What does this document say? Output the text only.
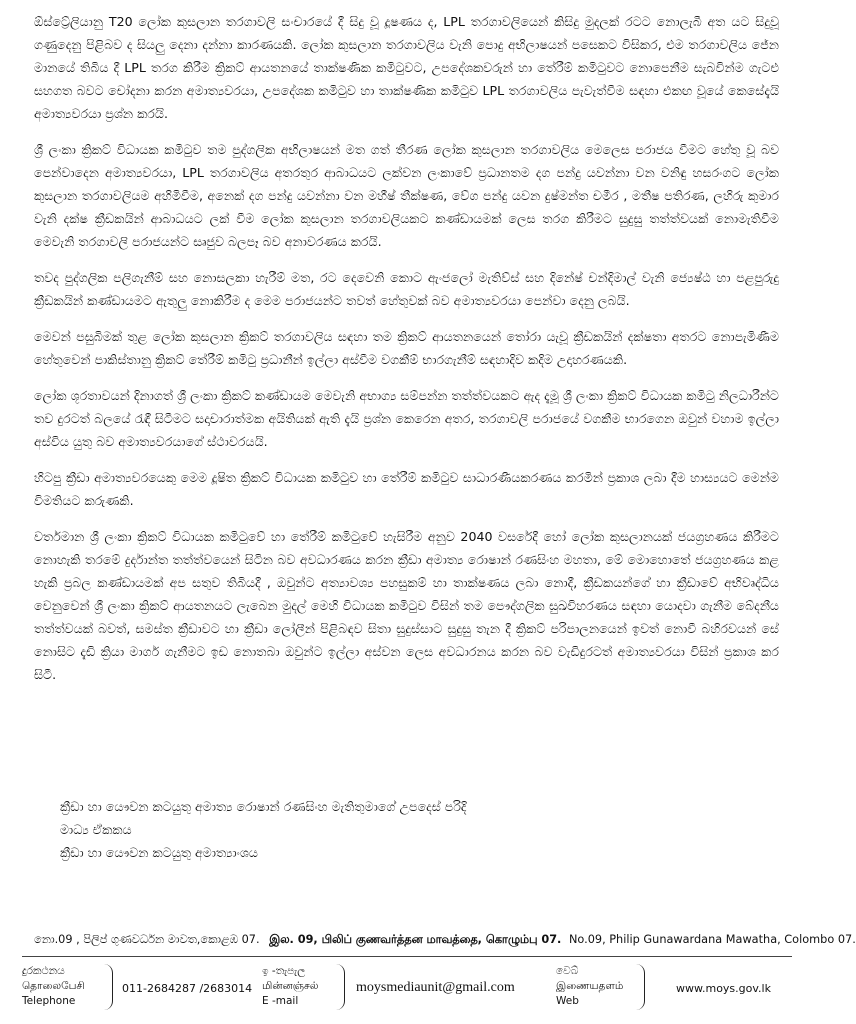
ඕස්ට්‍රේලියානු T20 ලෝක කුසලාන තරගාවලි සංචාරයේ දී සිදු වූ දූෂණය ද, LPL තරගාවලියෙන් කිසිදු මුදලක් රටට නොලැබී අත යට සිදුවූ ගණුදෙනු පිළිබව ද සියලු දෙනා දන්නා කාරණයකි. ලෝක කුසලාන තරගාවලිය වැනි පොදු අභිලාෂයන් පසෙකට විසිකර, එම තරගාවලිය ජේන මානයේ තිබිය දී LPL තරග කිරීම ක්‍රිකට් ආයතනයේ තාක්ෂණික කමිටුවට, උපදේශකවරුන් හා තේරීම් කමිටුවට නොපෙනීම සැබවින්ම ගැටළු සහගත බවට චෝදනා කරන අමාත්‍යවරයා, උපදේශක කමිටුව හා තාක්ෂණික කමිටුව LPL තරගාවලිය පැවැත්වීම සඳහා එකඟ වූයේ කෙසේදැයි අමාත්‍යවරයා ප්‍රශ්න කරයි.

ශ්‍රී ලංකා ක්‍රිකට් විධායක කමිටුව තම පුද්ගලික අභිලාෂයන් මත ගත් තීරණ ලෝක කුසලාන තරගාවලිය මෙලෙස පරාජය වීමට හේතු වූ බව පෙන්වාදෙන අමාත්‍යවරයා, LPL තරගාවලිය අතරතුර ආබාධයට ලක්වන ලංකාවේ ප්‍රධානතම දග පන්දු යවන්නා වන වනිඳු හසරංගට ලෝක කුසලාන තරගාවලියම අහිමිවීම, අනෙක් දග පන්දු යවන්නා වන මහීෂ් තීක්ෂණ, වේග පන්දු යවන දුෂ්මන්ත චමීර , මතීෂ පතිරණ, ලහිරු කුමාර වැනි දක්ෂ ක්‍රීඩකයින් ආබාධයට ලක් වීම ලෝක කුසලාන තරගාවලියකට කණ්ඩායමක් ලෙස තරග කිරීමට සුදුසු තත්ත්වයක් නොමැතිවීම මෙවැනි තරගාවලි පරාජයන්ට සෘජුව බලපෑ බව අනාවරණය කරයි.

තවද පුද්ගලික පලිගැනීම් සහ නොසලකා හැරීම් මත, රට දෙවෙනි කොට ඇංජලෝ මැතිව්ස් සහ දිනේෂ් චන්දිමාල් වැනි ජ්‍යෙෂ්ඨ හා පළපුරුදු ක්‍රීඩකයින් කණ්ඩායමට ඇතුලු නොකිරීම ද මෙම පරාජයන්ට තවත් හේතුවක් බව අමාත්‍යවරයා පෙන්වා දෙනු ලබයි.

මෙවන් පසුබිමක් තුළ ලෝක කුසලාන ක්‍රිකට් තරගාවලිය සඳහා තම ක්‍රිකට් ආයතනයෙන් තෝරා යැවූ ක්‍රීඩකයින් දක්ෂතා අතරට නොපැමිණීම හේතුවෙන් පාකිස්තානු ක්‍රිකට් තේරීම් කමිටු ප්‍රධානීන් ඉල්ලා අස්වීම වගකීම් භාරගැනීම් සඳහාදිව කදිම උදාහරණයකි.

ලෝක ශූරතාවයන් දිනාගත් ශ්‍රී ලංකා ක්‍රිකට් කණ්ඩායම මෙවැනි අභාග්‍ය සම්පන්න තත්ත්වයකට ඇද දැමූ ශ්‍රී ලංකා ක්‍රිකට් විධායක කමිටු නිලධාරීන්ට තව දුරටත් බලයේ රැඳී සිටීමට සදාචාරාත්මක අයිතියක් ඇති දැයි ප්‍රශ්න කෙරෙන අතර, තරගාවලි පරාජයේ වගකීම භාරගෙන ඔවුන් වහාම ඉල්ලා අස්විය යුතු බව අමාත්‍යවරයාගේ ස්ථාවරයයි.

හිටපු ක්‍රීඩා අමාත්‍යවරයෙකු මෙම දූෂිත ක්‍රිකට් විධායක කමිටුව හා තේරීම් කමිටුව සාධාරණීයකරණය කරමින් ප්‍රකාශ ලබා දීම හාස්‍යයට මෙන්ම විමතියට කරුණකි.

වර්තමාන ශ්‍රී ලංකා ක්‍රිකට් විධායක කමිටුවේ හා තේරීම් කමිටුවේ හැසිරීම අනුව 2040 වසරේදී හෝ ලෝක කුසලානයක් ජයග්‍රහණය කිරීමට නොහැකි තරමේ දුර්දාන්ත තත්ත්වයෙන් සිටින බව අවධාරණය කරන ක්‍රීඩා අමාත්‍ය රොෂාන් රණසිංහ මහතා, මේ මොහොතේ ජයග්‍රහණය කළ හැකි ප්‍රබල කණ්ඩායමක් අප සතුව තිබියදී , ඔවුන්ට අත්‍යාවශ්‍ය පහසුකම් හා තාක්ෂණය ලබා නොදී, ක්‍රීඩකයන්ගේ හා ක්‍රීඩාවේ අභිවෘද්ධිය වෙනුවෙන් ශ්‍රී ලංකා ක්‍රිකට් ආයතනයට ලැබෙන මුදල් මෙහි විධායක කමිටුව විසින් තම පෞද්ගලික සුඛවිහරණය සඳහා යොදවා ගැනීම බේදනීය තත්ත්වයක් බවත්, සමස්ත ක්‍රීඩාවට හා ක්‍රීඩා ලෝලීන් පිළිබඳව සිතා සුදුස්සාට සුදුසු තැන දී ක්‍රිකට් පරිපාලනයෙන් ඉවත් නොවී බහිරවයන් සේ නොසිට දැඩි ක්‍රියා මාර්ග ගැනීමට ඉඩ නොතබා ඔවුන්ට ඉල්ලා අස්වන ලෙස අවධාරනය කරන බව වැඩිදුරටත් අමාත්‍යවරයා විසින් ප්‍රකාශ කර සිටී.

ක්‍රීඩා හා යෞවන කටයුතු අමාත්‍ය රොෂාන් රණසිංහ මැතිතුමාගේ උපදෙස් පරිදි
මාධ්‍ය ඒකකය
ක්‍රීඩා හා යෞවන කටයුතු අමාත්‍යාංශය
නො.09 , පිලිප් ගුණවර්ධන මාවත,කොළඹ 07. இல. 09, பிலிப் குணவர்த்தன மாவத்தை, கொழும்பு 07. No.09, Philip Gunawardana Mawatha, Colombo 07.
දුරකථනය
தொலைபேசி
Telephone
011-2684287 /2683014
ඉ -තැපැල
மின்னஞ்சல்
E -mail
moysmediaunit@gmail.com
වෙබ්
இணையதளம்
Web
www.moys.gov.lk
